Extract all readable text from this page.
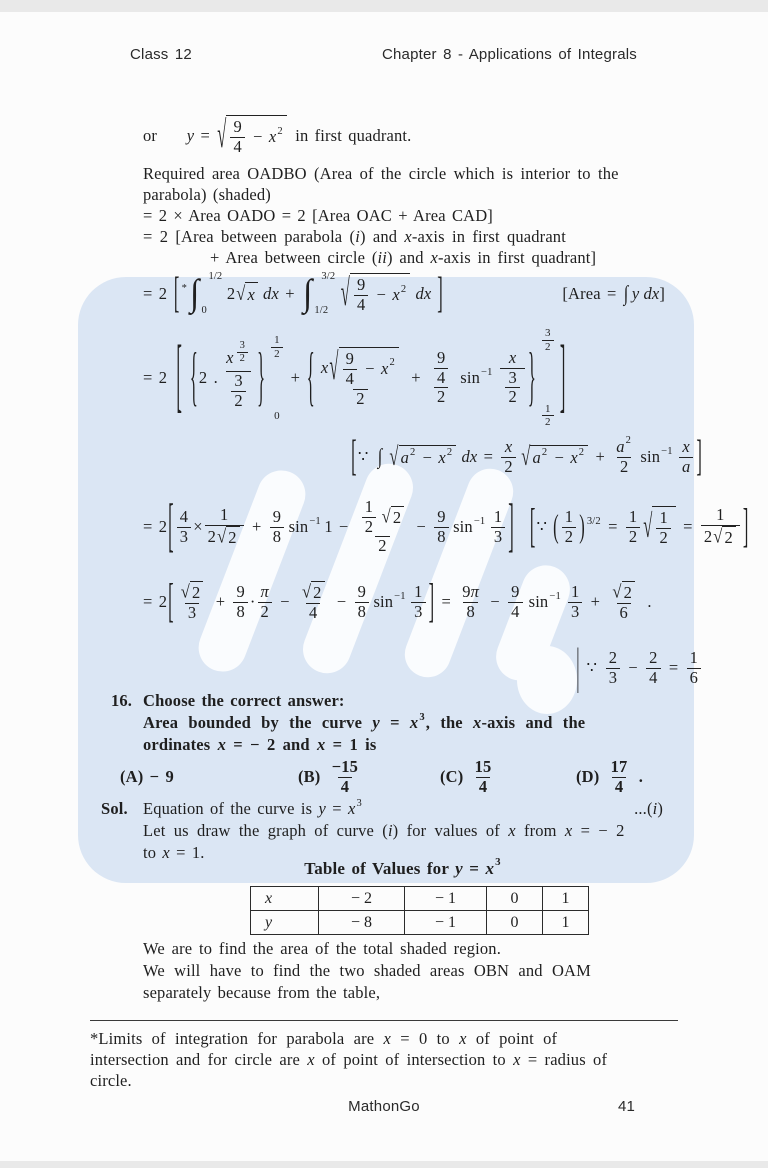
Class 12	Chapter 8 - Applications of Integrals
or y = √ $\frac{9}{4} - x$ 2 in first quadrant.
Required area OADBO (Area of the circle which is interior to the
parabola) (shaded)
= 2 × Area OADO = 2 [Area OAC + Area CAD]
= 2 [Area between parabola ( i ) and x -axis in first quadrant
+ Area between circle ( ii ) and x -axis in first quadrant]
= 2 [ * ∫ 1/2
0
2 √ x dx + ∫ 3/2
1/2 √ $\frac{9}{4} - x$ 2 dx ]	[Area = ∫ y dx ]
= 2 [ { 2 . $\frac{x \frac{3}{2}}{\frac{3}{2}}$ } $\frac{1}{2}$
0
+ { $\frac{x √ \frac{9}{4} - x 2}{2} + \frac{\frac{9}{4}}{2}$ $\sin -1 \frac{x}{\frac{3}{2}}$ } $\frac{3}{2}$
$\frac{1}{2}$ ]
[ ∵ ∫ √ a 2 − x 2 dx = $\frac{x}{2}$ √ a 2 − x $2 + \frac{a 2}{2}$ $\sin -1 \frac{x}{a}$ ]
= 2 [ $\frac{4}{3} \times \frac{1}{2 √ 2} + \frac{9}{8}$ sin −1 $1 - \frac{\frac{1}{2} √ 2}{2} - \frac{9}{8}$ $\sin -1 \frac{1}{3}$ ] [ ∵ ( $\frac{1}{2}$ ) $3/2 = \frac{1}{2}$ √ $\frac{1}{2} = \frac{1}{2 √ 2}$ ]
= 2 [ $\frac{√ 2}{3} + \frac{9}{8} \cdot \frac{\pi}{2} - \frac{√ 2}{4} - \frac{9}{8}$ $\sin -1 \frac{1}{3}$ ] = $\frac{9 \pi}{8} - \frac{9}{4}$ $\sin -1 \frac{1}{3} + \frac{√ 2}{6}$ .
| ∵ $\frac{2}{3} - \frac{2}{4} = \frac{1}{6}$
16. Choose the correct answer:
Area bounded by the curve y = x 3 , the x -axis and the
ordinates x = − 2 and x = 1 is
(A) − 9	$(B) \frac{-15}{4}$	$(C) \frac{15}{4}$	$(D) \frac{17}{4}$ .
Sol. Equation of the curve is y = x 3	...( i )
Let us draw the graph of curve ( i ) for values of x from x = − 2
to x = 1.
Table of Values for y = x 3
x	− 2	− 1	0	1
y	− 8	− 1	0	1
We are to find the area of the total shaded region.
We will have to find the two shaded areas OBN and OAM
separately because from the table,
*Limits of integration for parabola are x = 0 to x of point of
intersection and for circle are x of point of intersection to x = radius of
circle.
MathonGo	41
